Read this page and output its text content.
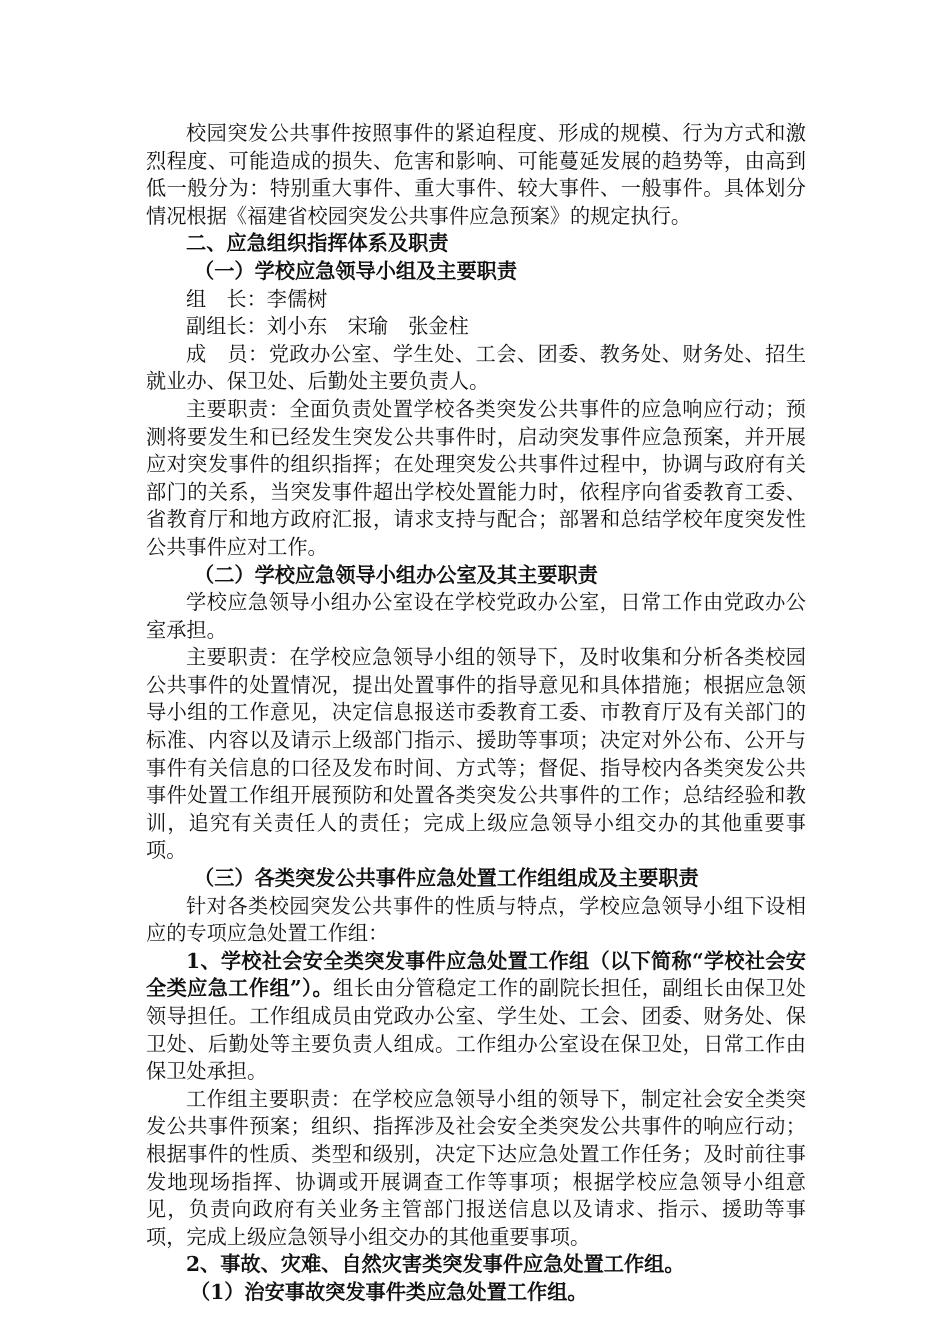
校园突发公共事件按照事件的紧迫程度、形成的规模、行为方式和激烈程度、可能造成的损失、危害和影响、可能蔓延发展的趋势等，由高到低一般分为：特别重大事件、重大事件、较大事件、一般事件。具体划分情况根据《福建省校园突发公共事件应急预案》的规定执行。

二、应急组织指挥体系及职责

（一）学校应急领导小组及主要职责

组　长：李儒树

副组长：刘小东　宋瑜　张金柱

成　员：党政办公室、学生处、工会、团委、教务处、财务处、招生就业办、保卫处、后勤处主要负责人。

主要职责：全面负责处置学校各类突发公共事件的应急响应行动；预测将要发生和已经发生突发公共事件时，启动突发事件应急预案，并开展应对突发事件的组织指挥；在处理突发公共事件过程中，协调与政府有关部门的关系，当突发事件超出学校处置能力时，依程序向省委教育工委、省教育厅和地方政府汇报，请求支持与配合；部署和总结学校年度突发性公共事件应对工作。

（二）学校应急领导小组办公室及其主要职责

学校应急领导小组办公室设在学校党政办公室，日常工作由党政办公室承担。

主要职责：在学校应急领导小组的领导下，及时收集和分析各类校园公共事件的处置情况，提出处置事件的指导意见和具体措施；根据应急领导小组的工作意见，决定信息报送市委教育工委、市教育厅及有关部门的标准、内容以及请示上级部门指示、援助等事项；决定对外公布、公开与事件有关信息的口径及发布时间、方式等；督促、指导校内各类突发公共事件处置工作组开展预防和处置各类突发公共事件的工作；总结经验和教训，追究有关责任人的责任；完成上级应急领导小组交办的其他重要事项。

（三）各类突发公共事件应急处置工作组组成及主要职责

针对各类校园突发公共事件的性质与特点，学校应急领导小组下设相应的专项应急处置工作组：

1、学校社会安全类突发事件应急处置工作组（以下简称“学校社会安全类应急工作组”）。组长由分管稳定工作的副院长担任，副组长由保卫处领导担任。工作组成员由党政办公室、学生处、工会、团委、财务处、保卫处、后勤处等主要负责人组成。工作组办公室设在保卫处，日常工作由保卫处承担。

工作组主要职责：在学校应急领导小组的领导下，制定社会安全类突发公共事件预案；组织、指挥涉及社会安全类突发公共事件的响应行动；根据事件的性质、类型和级别，决定下达应急处置工作任务；及时前往事发地现场指挥、协调或开展调查工作等事项；根据学校应急领导小组意见，负责向政府有关业务主管部门报送信息以及请求、指示、援助等事项，完成上级应急领导小组交办的其他重要事项。

2、事故、灾难、自然灾害类突发事件应急处置工作组。

（1）治安事故突发事件类应急处置工作组。
